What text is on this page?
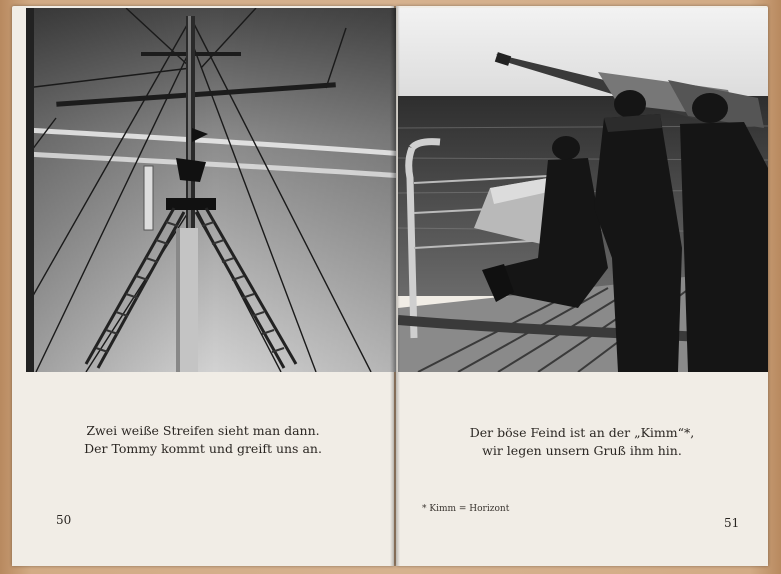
Zwei weiße Streifen sieht man dann.
Der Tommy kommt und greift uns an.
50
Der böse Feind ist an der „Kimm“*,
wir legen unsern Gruß ihm hin.
* Kimm = Horizont
51
